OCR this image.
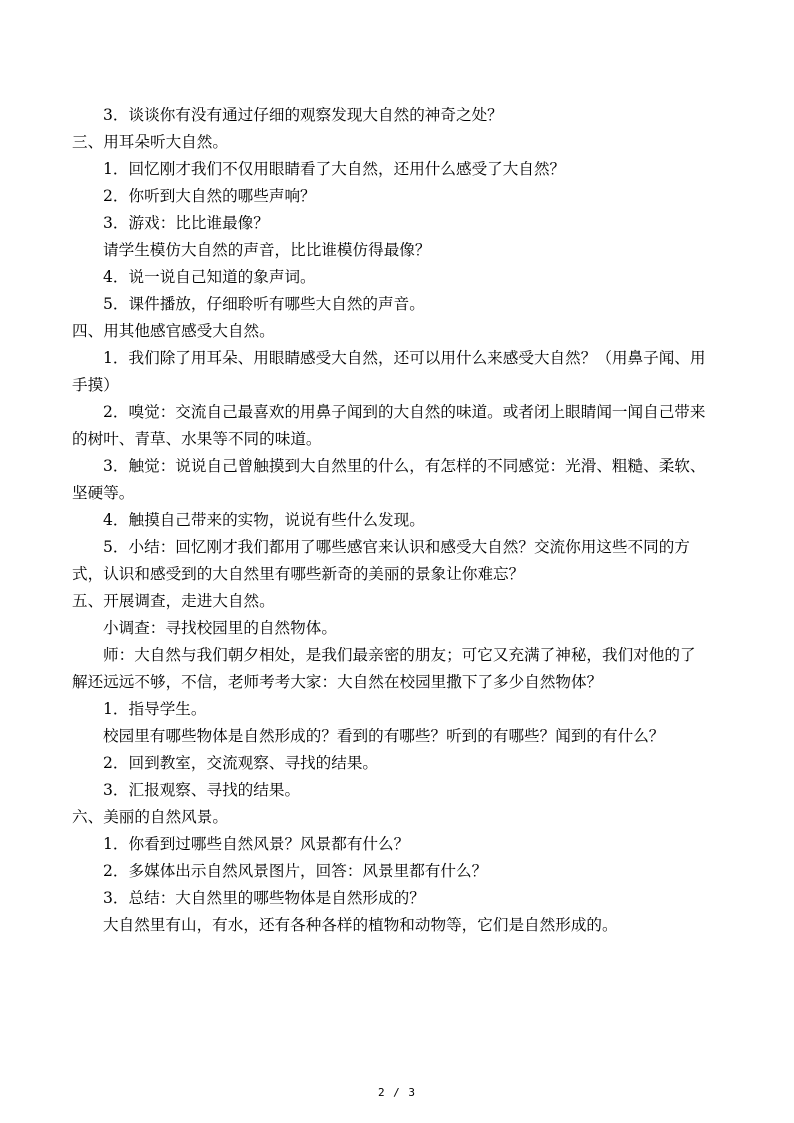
3．谈谈你有没有通过仔细的观察发现大自然的神奇之处？
三、用耳朵听大自然。
1．回忆刚才我们不仅用眼睛看了大自然，还用什么感受了大自然？
2．你听到大自然的哪些声响？
3．游戏：比比谁最像？
请学生模仿大自然的声音，比比谁模仿得最像？
4．说一说自己知道的象声词。
5．课件播放，仔细聆听有哪些大自然的声音。
四、用其他感官感受大自然。
1．我们除了用耳朵、用眼睛感受大自然，还可以用什么来感受大自然？（用鼻子闻、用
手摸）
2．嗅觉：交流自己最喜欢的用鼻子闻到的大自然的味道。或者闭上眼睛闻一闻自己带来
的树叶、青草、水果等不同的味道。
3．触觉：说说自己曾触摸到大自然里的什么，有怎样的不同感觉：光滑、粗糙、柔软、
坚硬等。
4．触摸自己带来的实物，说说有些什么发现。
5．小结：回忆刚才我们都用了哪些感官来认识和感受大自然？交流你用这些不同的方
式，认识和感受到的大自然里有哪些新奇的美丽的景象让你难忘？
五、开展调查，走进大自然。
小调查：寻找校园里的自然物体。
师：大自然与我们朝夕相处，是我们最亲密的朋友；可它又充满了神秘，我们对他的了
解还远远不够，不信，老师考考大家：大自然在校园里撒下了多少自然物体？
1．指导学生。
校园里有哪些物体是自然形成的？看到的有哪些？听到的有哪些？闻到的有什么？
2．回到教室，交流观察、寻找的结果。
3．汇报观察、寻找的结果。
六、美丽的自然风景。
1．你看到过哪些自然风景？风景都有什么？
2．多媒体出示自然风景图片，回答：风景里都有什么？
3．总结：大自然里的哪些物体是自然形成的？
大自然里有山，有水，还有各种各样的植物和动物等，它们是自然形成的。
2 / 3
